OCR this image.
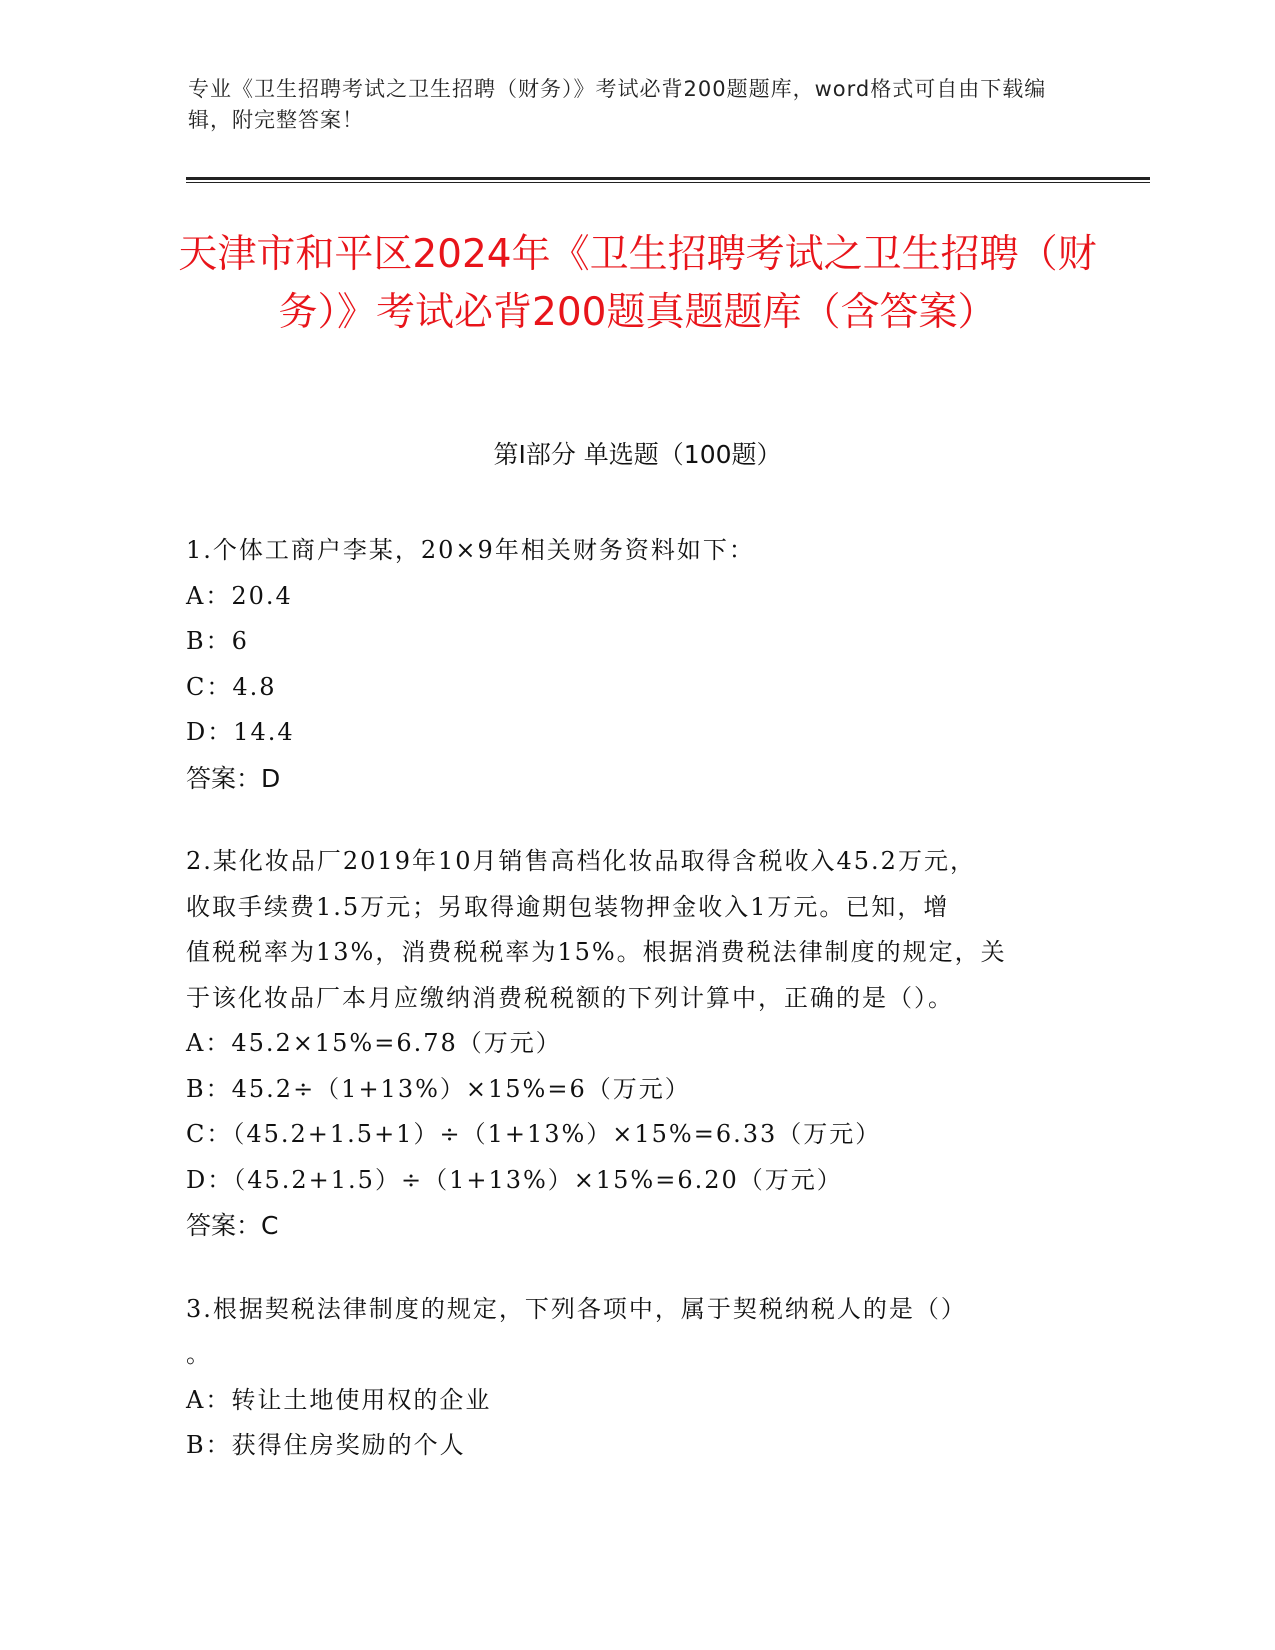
专业《卫生招聘考试之卫生招聘（财务）》考试必背200题题库，word格式可自由下载编辑，附完整答案！
天津市和平区2024年《卫生招聘考试之卫生招聘（财务）》考试必背200题真题题库（含答案）
第Ⅰ部分 单选题（100题）
1.个体工商户李某，20×9年相关财务资料如下：
A：20.4
B：6
C：4.8
D：14.4
答案：D
2.某化妆品厂2019年10月销售高档化妆品取得含税收入45.2万元，
收取手续费1.5万元；另取得逾期包装物押金收入1万元。已知，增
值税税率为13%，消费税税率为15%。根据消费税法律制度的规定，关
于该化妆品厂本月应缴纳消费税税额的下列计算中，正确的是（）。
A：45.2×15%=6.78（万元）
B：45.2÷（1+13%）×15%=6（万元）
C：（45.2+1.5+1）÷（1+13%）×15%=6.33（万元）
D：（45.2+1.5）÷（1+13%）×15%=6.20（万元）
答案：C
3.根据契税法律制度的规定，下列各项中，属于契税纳税人的是（）
。
A：转让土地使用权的企业
B：获得住房奖励的个人
